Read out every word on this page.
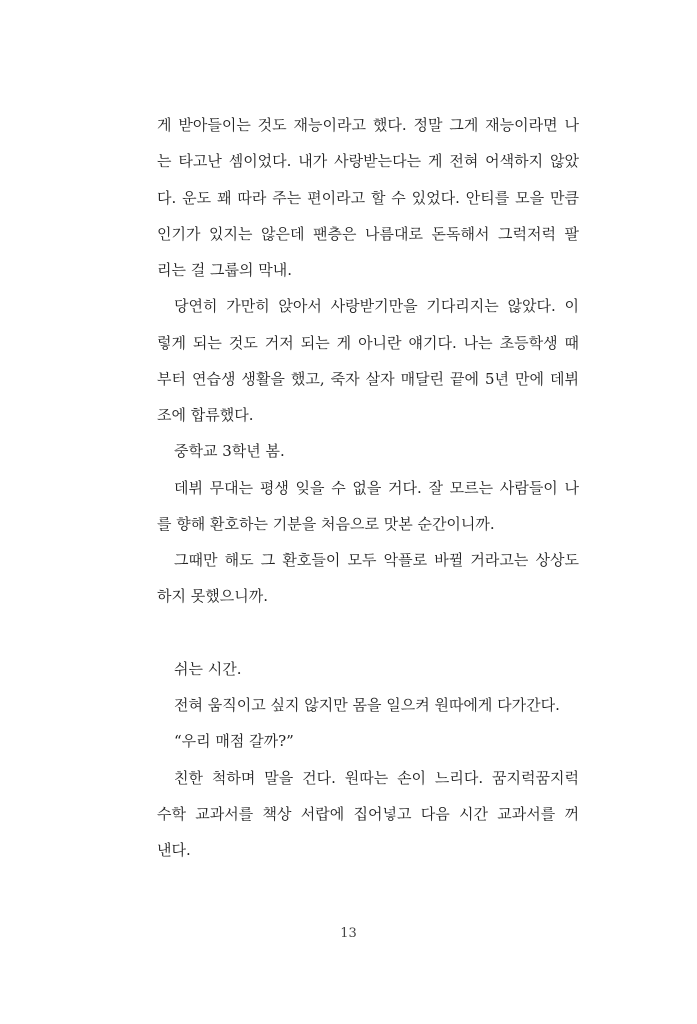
게 받아들이는 것도 재능이라고 했다. 정말 그게 재능이라면 나
는 타고난 셈이었다. 내가 사랑받는다는 게 전혀 어색하지 않았
다. 운도 꽤 따라 주는 편이라고 할 수 있었다. 안티를 모을 만큼
인기가 있지는 않은데 팬층은 나름대로 돈독해서 그럭저럭 팔
리는 걸 그룹의 막내.
당연히 가만히 앉아서 사랑받기만을 기다리지는 않았다. 이
렇게 되는 것도 거저 되는 게 아니란 얘기다. 나는 초등학생 때
부터 연습생 생활을 했고, 죽자 살자 매달린 끝에 5년 만에 데뷔
조에 합류했다.
중학교 3학년 봄.
데뷔 무대는 평생 잊을 수 없을 거다. 잘 모르는 사람들이 나
를 향해 환호하는 기분을 처음으로 맛본 순간이니까.
그때만 해도 그 환호들이 모두 악플로 바뀔 거라고는 상상도
하지 못했으니까.
쉬는 시간.
전혀 움직이고 싶지 않지만 몸을 일으켜 원따에게 다가간다.
“우리 매점 갈까?”
친한 척하며 말을 건다. 원따는 손이 느리다. 꿈지럭꿈지럭
수학 교과서를 책상 서랍에 집어넣고 다음 시간 교과서를 꺼
낸다.
13
